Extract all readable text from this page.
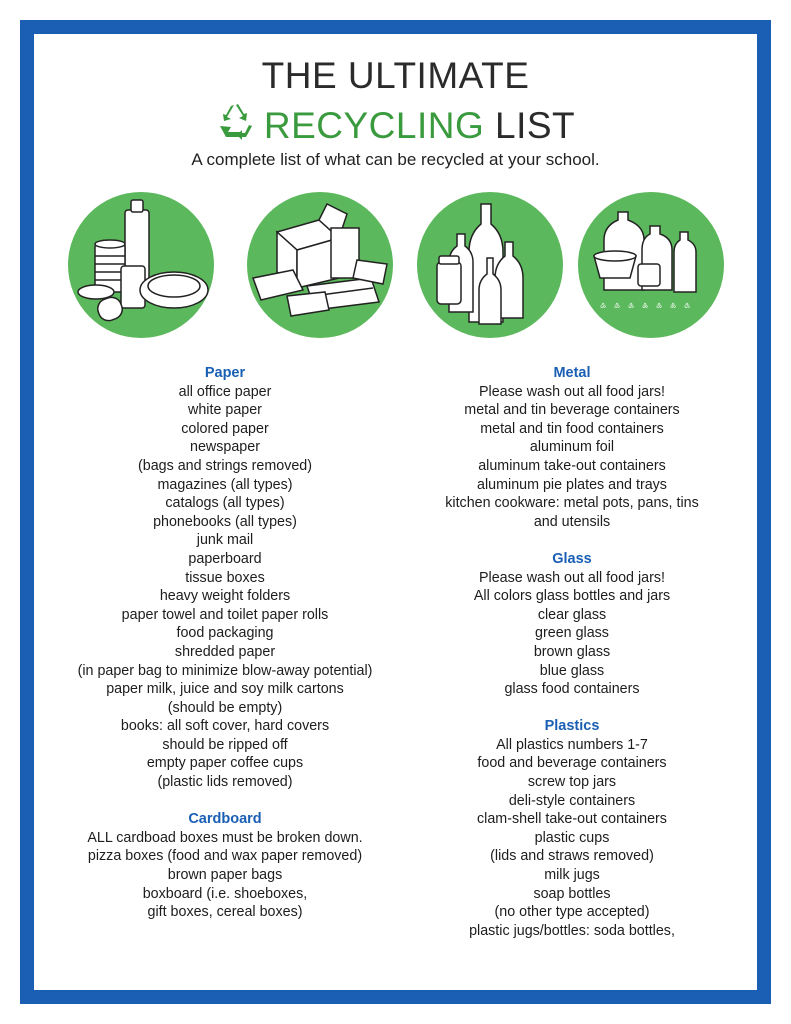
THE ULTIMATE
RECYCLING LIST
A complete list of what can be recycled at your school.
♳ ♴ ♵ ♶ ♷ ♸ ♹
Paper
all office paper
white paper
colored paper
newspaper
(bags and strings removed)
magazines (all types)
catalogs (all types)
phonebooks (all types)
junk mail
paperboard
tissue boxes
heavy weight folders
paper towel and toilet paper rolls
food packaging
shredded paper
(in paper bag to minimize blow-away potential)
paper milk, juice and soy milk cartons
(should be empty)
books: all soft cover, hard covers
should be ripped off
empty paper coffee cups
(plastic lids removed)
Cardboard
ALL cardboad boxes must be broken down.
pizza boxes (food and wax paper removed)
brown paper bags
boxboard (i.e. shoeboxes,
gift boxes, cereal boxes)
Metal
Please wash out all food jars!
metal and tin beverage containers
metal and tin food containers
aluminum foil
aluminum take-out containers
aluminum pie plates and trays
kitchen cookware: metal pots, pans, tins
and utensils
Glass
Please wash out all food jars!
All colors glass bottles and jars
clear glass
green glass
brown glass
blue glass
glass food containers
Plastics
All plastics numbers 1-7
food and beverage containers
screw top jars
deli-style containers
clam-shell take-out containers
plastic cups
(lids and straws removed)
milk jugs
soap bottles
(no other type accepted)
plastic jugs/bottles: soda bottles,
